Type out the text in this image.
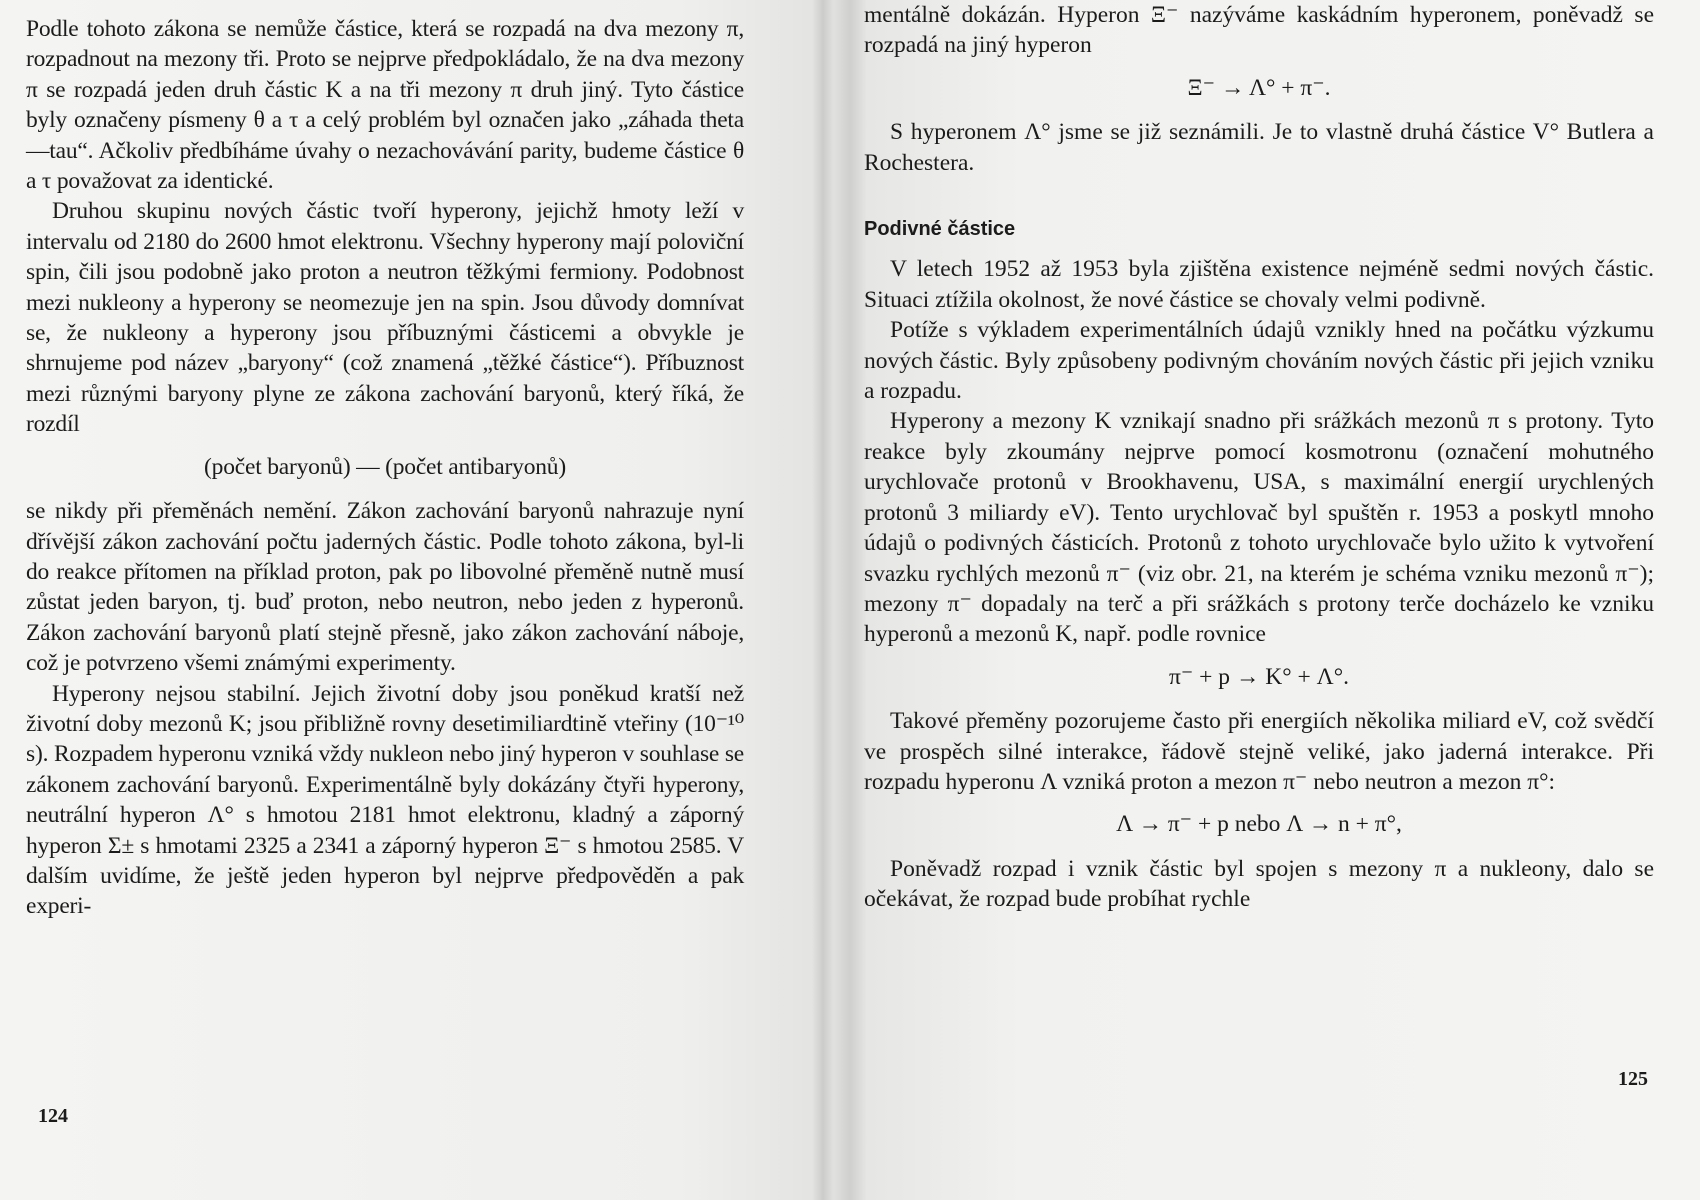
Podle tohoto zákona se nemůže částice, která se rozpadá na dva mezony π, rozpadnout na mezony tři. Proto se nejprve předpokládalo, že na dva mezony π se rozpadá jeden druh částic K a na tři mezony π druh jiný. Tyto částice byly označeny písmeny θ a τ a celý problém byl označen jako „záhada theta—tau“. Ačkoliv předbíháme úvahy o nezachovávání parity, budeme částice θ a τ považovat za identické.

Druhou skupinu nových částic tvoří hyperony, jejichž hmoty leží v intervalu od 2180 do 2600 hmot elektronu. Všechny hyperony mají poloviční spin, čili jsou podobně jako proton a neutron těžkými fermiony. Podobnost mezi nukleony a hyperony se neomezuje jen na spin. Jsou důvody domnívat se, že nukleony a hyperony jsou příbuznými částicemi a obvykle je shrnujeme pod název „baryony“ (což znamená „těžké částice“). Příbuznost mezi různými baryony plyne ze zákona zachování baryonů, který říká, že rozdíl

(počet baryonů) — (počet antibaryonů)

se nikdy při přeměnách nemění. Zákon zachování baryonů nahrazuje nyní dřívější zákon zachování počtu jaderných částic. Podle tohoto zákona, byl-li do reakce přítomen na příklad proton, pak po libovolné přeměně nutně musí zůstat jeden baryon, tj. buď proton, nebo neutron, nebo jeden z hyperonů. Zákon zachování baryonů platí stejně přesně, jako zákon zachování náboje, což je potvrzeno všemi známými experimenty.

Hyperony nejsou stabilní. Jejich životní doby jsou poněkud kratší než životní doby mezonů K; jsou přibližně rovny desetimiliardtině vteřiny (10⁻¹⁰ s). Rozpadem hyperonu vzniká vždy nukleon nebo jiný hyperon v souhlase se zákonem zachování baryonů. Experimentálně byly dokázány čtyři hyperony, neutrální hyperon Λ° s hmotou 2181 hmot elektronu, kladný a záporný hyperon Σ± s hmotami 2325 a 2341 a záporný hyperon Ξ⁻ s hmotou 2585. V dalším uvidíme, že ještě jeden hyperon byl nejprve předpověděn a pak experi-

124

mentálně dokázán. Hyperon Ξ⁻ nazýváme kaskádním hyperonem, poněvadž se rozpadá na jiný hyperon

Ξ⁻ → Λ° + π⁻.

S hyperonem Λ° jsme se již seznámili. Je to vlastně druhá částice V° Butlera a Rochestera.

Podivné částice

V letech 1952 až 1953 byla zjištěna existence nejméně sedmi nových částic. Situaci ztížila okolnost, že nové částice se chovaly velmi podivně.

Potíže s výkladem experimentálních údajů vznikly hned na počátku výzkumu nových částic. Byly způsobeny podivným chováním nových částic při jejich vzniku a rozpadu.

Hyperony a mezony K vznikají snadno při srážkách mezonů π s protony. Tyto reakce byly zkoumány nejprve pomocí kosmotronu (označení mohutného urychlovače protonů v Brookhavenu, USA, s maximální energií urychlených protonů 3 miliardy eV). Tento urychlovač byl spuštěn r. 1953 a poskytl mnoho údajů o podivných částicích. Protonů z tohoto urychlovače bylo užito k vytvoření svazku rychlých mezonů π⁻ (viz obr. 21, na kterém je schéma vzniku mezonů π⁻); mezony π⁻ dopadaly na terč a při srážkách s protony terče docházelo ke vzniku hyperonů a mezonů K, např. podle rovnice

π⁻ + p → K° + Λ°.

Takové přeměny pozorujeme často při energiích několika miliard eV, což svědčí ve prospěch silné interakce, řádově stejně veliké, jako jaderná interakce. Při rozpadu hyperonu Λ vzniká proton a mezon π⁻ nebo neutron a mezon π°:

Λ → π⁻ + p nebo Λ → n + π°,

Poněvadž rozpad i vznik částic byl spojen s mezony π a nukleony, dalo se očekávat, že rozpad bude probíhat rychle

125
